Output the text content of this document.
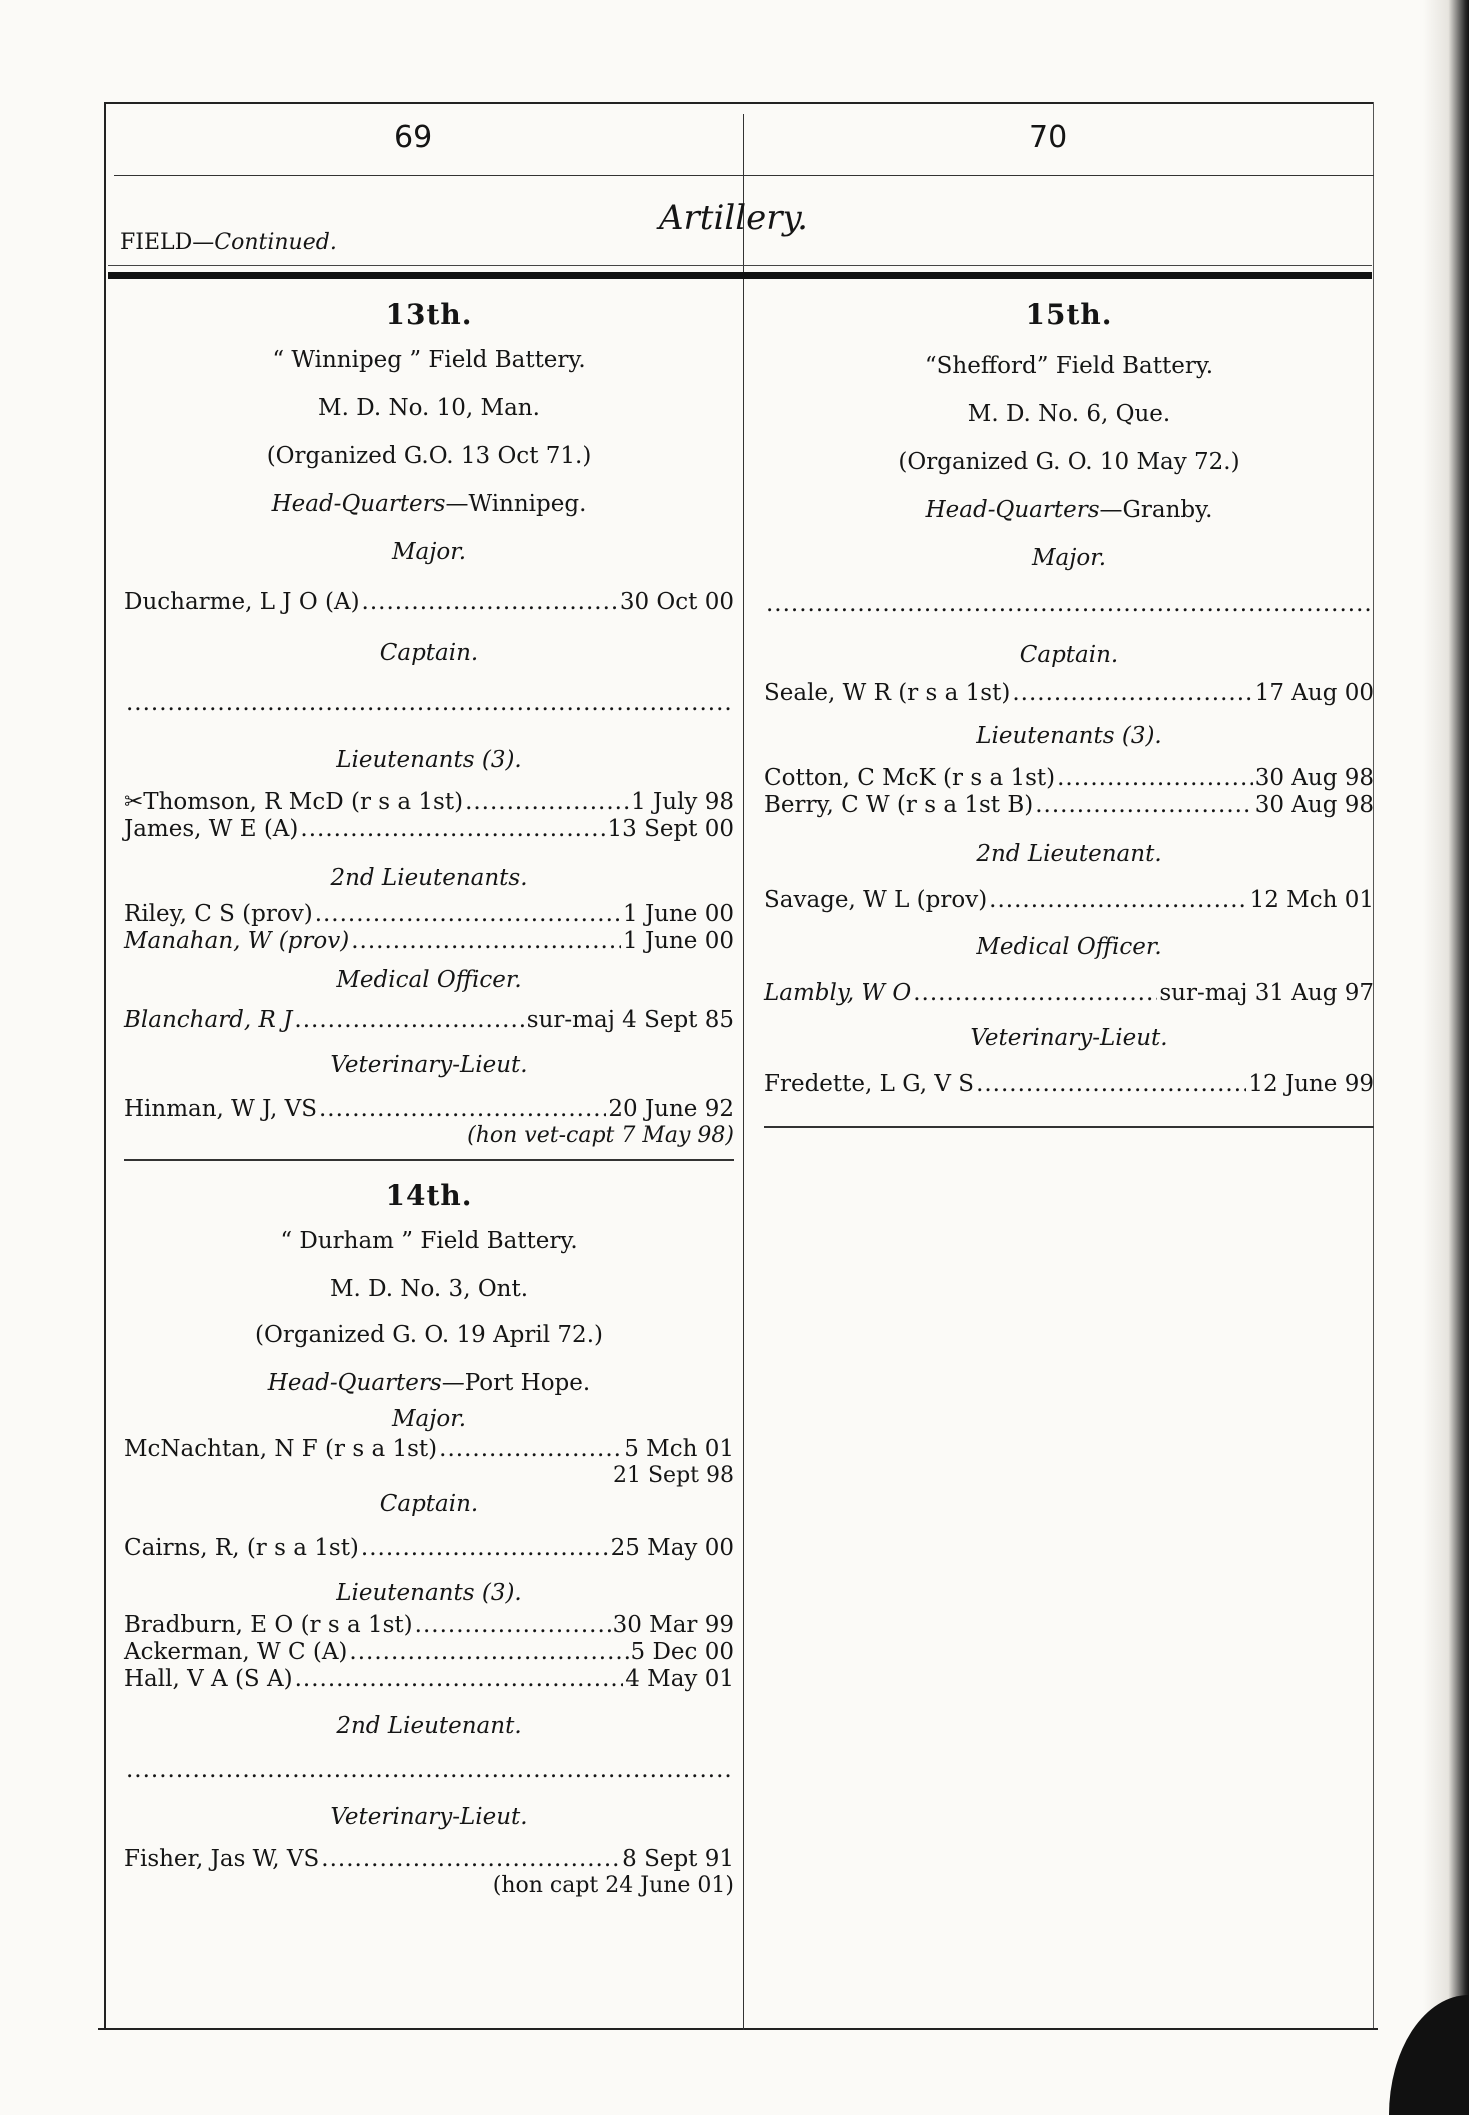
69	70
Artillery.
FIELD—Continued.
13th.
“ Winnipeg ” Field Battery.
M. D. No. 10, Man.
(Organized G.O. 13 Oct 71.)
Head-Quarters—Winnipeg.
Major.
Ducharme, L J O (A) .....	30 Oct 00
Captain.
.....
Lieutenants (3).
✂Thomson, R McD (r s a 1st) .....	1 July 98
James, W E (A) .....	13 Sept 00
2nd Lieutenants.
Riley, C S (prov) .....	1 June 00
Manahan, W (prov) .....	1 June 00
Medical Officer.
Blanchard, R J .....	sur-maj 4 Sept 85
Veterinary-Lieut.
Hinman, W J, VS .....	20 June 92
(hon vet-capt 7 May 98)
14th.
“ Durham ” Field Battery.
M. D. No. 3, Ont.
(Organized G. O. 19 April 72.)
Head-Quarters—Port Hope.
Major.
McNachtan, N F (r s a 1st) .....	5 Mch 01
21 Sept 98
Captain.
Cairns, R, (r s a 1st) .....	25 May 00
Lieutenants (3).
Bradburn, E O (r s a 1st) .....	30 Mar 99
Ackerman, W C (A) .....	5 Dec 00
Hall, V A (S A) .....	4 May 01
2nd Lieutenant.
.....
Veterinary-Lieut.
Fisher, Jas W, VS .....	8 Sept 91
(hon capt 24 June 01)
15th.
“Shefford” Field Battery.
M. D. No. 6, Que.
(Organized G. O. 10 May 72.)
Head-Quarters—Granby.
Major.
.....
Captain.
Seale, W R (r s a 1st) .....	17 Aug 00
Lieutenants (3).
Cotton, C McK (r s a 1st) .....	30 Aug 98
Berry, C W (r s a 1st B) .....	30 Aug 98
2nd Lieutenant.
Savage, W L (prov) .....	12 Mch 01
Medical Officer.
Lambly, W O .....	sur-maj 31 Aug 97
Veterinary-Lieut.
Fredette, L G, V S .....	12 June 99
